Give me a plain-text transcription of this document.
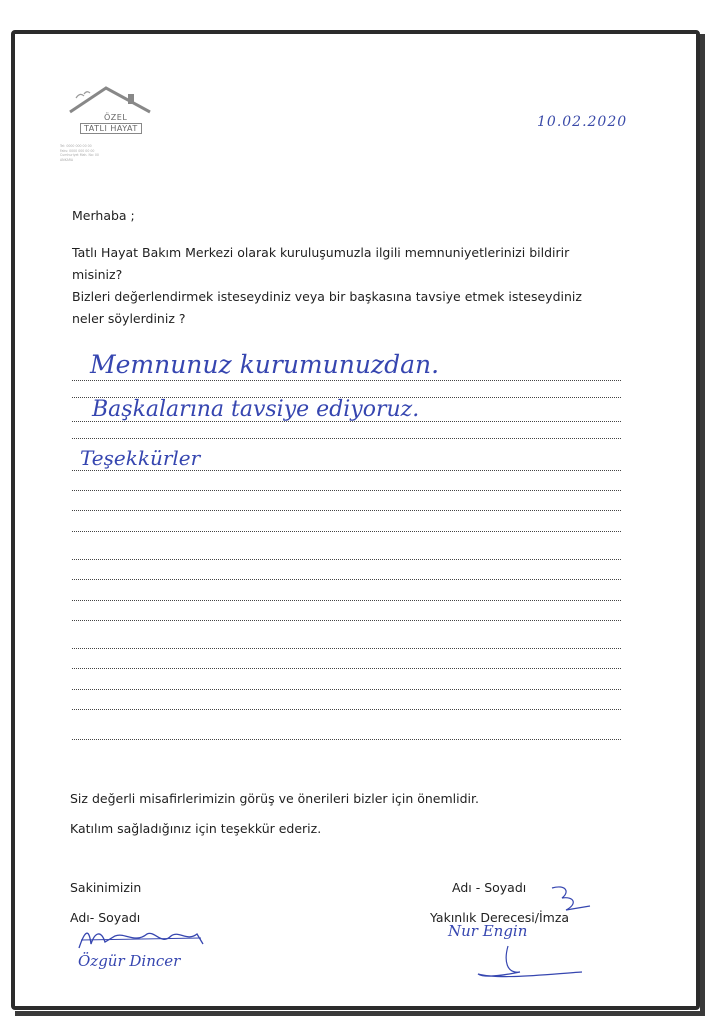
ÖZEL
TATLI HAYAT
Tel: 0000 000 00 00
Faks: 0000 000 00 00
Cumhuriyet Mah. No: 00
ANKARA
10.02.2020
Merhaba ;
Tatlı Hayat Bakım Merkezi olarak kuruluşumuzla ilgili memnuniyetlerinizi bildirir misiniz?
Bizleri değerlendirmek isteseydiniz veya bir başkasına tavsiye etmek isteseydiniz neler söylerdiniz ?
Memnunuz kurumunuzdan.
Başkalarına tavsiye ediyoruz.
Teşekkürler
Siz değerli misafirlerimizin görüş ve önerileri bizler için önemlidir.
Katılım sağladığınız için teşekkür ederiz.
Sakinimizin
Adı- Soyadı
Adı - Soyadı
Yakınlık Derecesi/İmza
Özgür Dincer
Nur Engin
